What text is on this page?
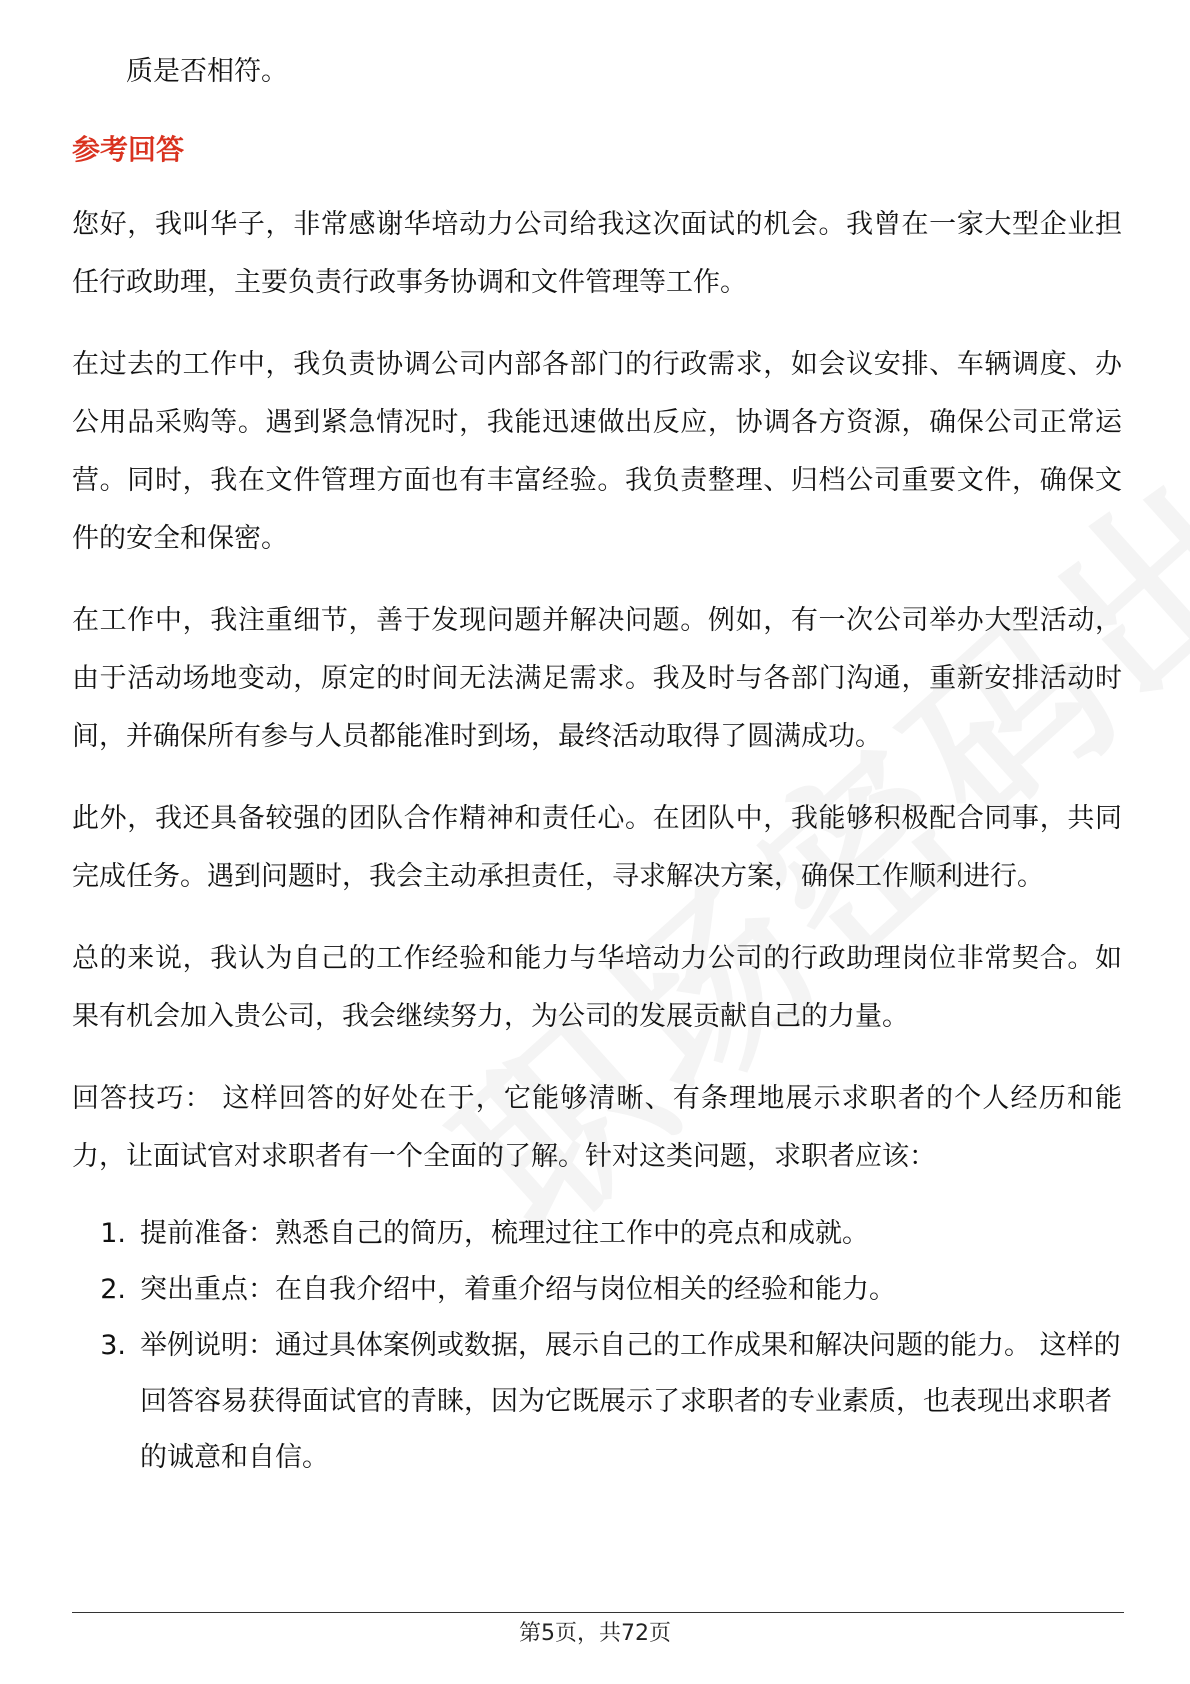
质是否相符。

参考回答

您好，我叫华子，非常感谢华培动力公司给我这次面试的机会。我曾在一家大型企业担任行政助理，主要负责行政事务协调和文件管理等工作。

在过去的工作中，我负责协调公司内部各部门的行政需求，如会议安排、车辆调度、办公用品采购等。遇到紧急情况时，我能迅速做出反应，协调各方资源，确保公司正常运营。同时，我在文件管理方面也有丰富经验。我负责整理、归档公司重要文件，确保文件的安全和保密。

在工作中，我注重细节，善于发现问题并解决问题。例如，有一次公司举办大型活动，由于活动场地变动，原定的时间无法满足需求。我及时与各部门沟通，重新安排活动时间，并确保所有参与人员都能准时到场，最终活动取得了圆满成功。

此外，我还具备较强的团队合作精神和责任心。在团队中，我能够积极配合同事，共同完成任务。遇到问题时，我会主动承担责任，寻求解决方案，确保工作顺利进行。

总的来说，我认为自己的工作经验和能力与华培动力公司的行政助理岗位非常契合。如果有机会加入贵公司，我会继续努力，为公司的发展贡献自己的力量。

回答技巧： 这样回答的好处在于，它能够清晰、有条理地展示求职者的个人经历和能力，让面试官对求职者有一个全面的了解。针对这类问题，求职者应该：

1. 提前准备：熟悉自己的简历，梳理过往工作中的亮点和成就。
2. 突出重点：在自我介绍中，着重介绍与岗位相关的经验和能力。
3. 举例说明：通过具体案例或数据，展示自己的工作成果和解决问题的能力。 这样的回答容易获得面试官的青睐，因为它既展示了求职者的专业素质，也表现出求职者的诚意和自信。
第5页，共72页
